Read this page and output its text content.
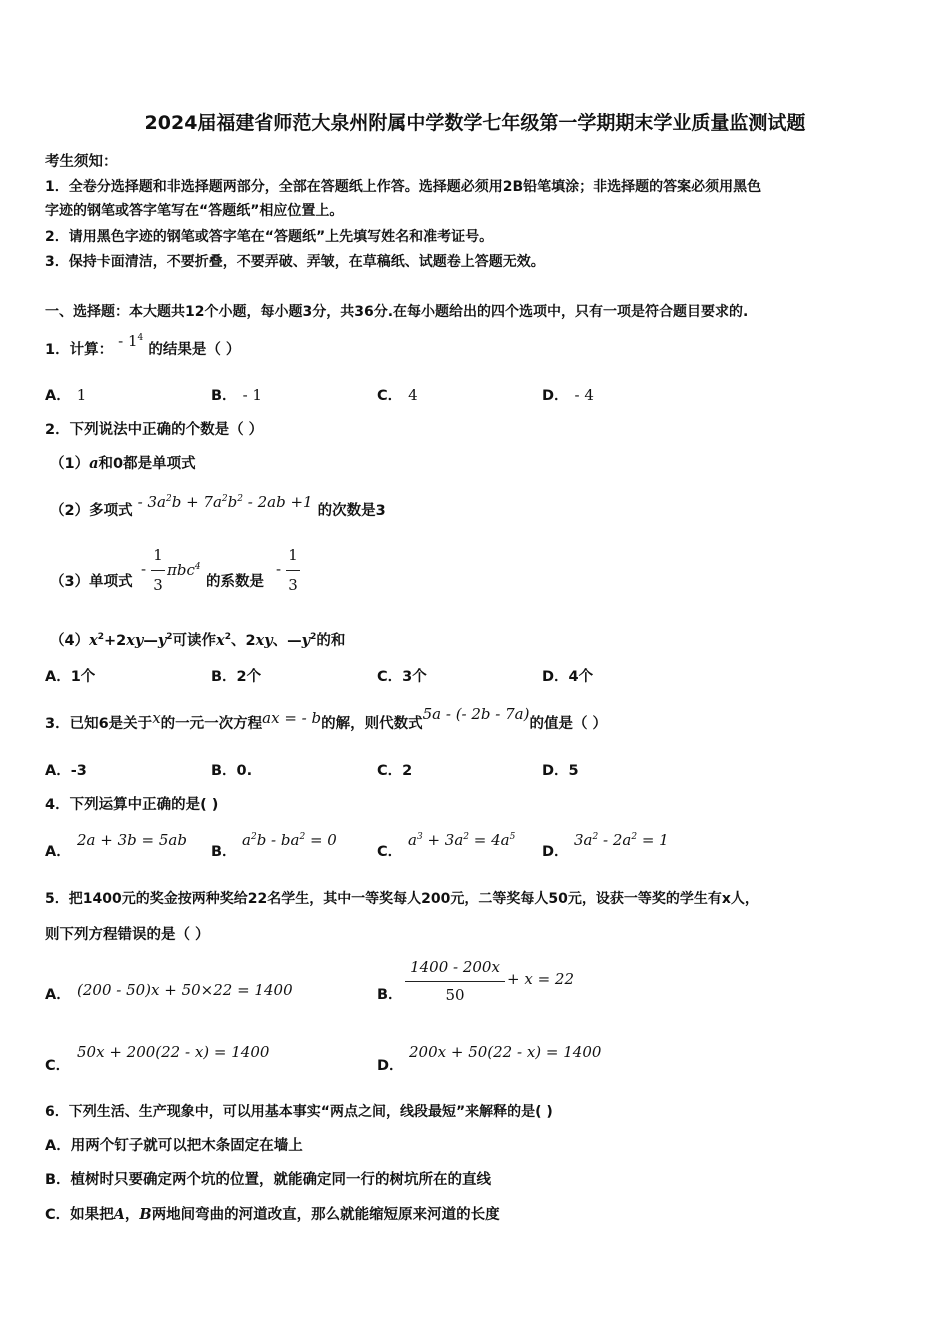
2024届福建省师范大泉州附属中学数学七年级第一学期期末学业质量监测试题
考生须知：
1．全卷分选择题和非选择题两部分，全部在答题纸上作答。选择题必须用2B铅笔填涂；非选择题的答案必须用黑色
字迹的钢笔或答字笔写在“答题纸”相应位置上。
2．请用黑色字迹的钢笔或答字笔在“答题纸”上先填写姓名和准考证号。
3．保持卡面清洁，不要折叠，不要弄破、弄皱，在草稿纸、试题卷上答题无效。
一、选择题：本大题共12个小题，每小题3分，共36分.在每小题给出的四个选项中，只有一项是符合题目要求的.
1．计算： - $1^4$ 的结果是（ ）
A． 1	B． - 1	C． 4	D． - 4
2．下列说法中正确的个数是（ ）
（1）a和0都是单项式
（2）多项式 - $3a^2b + 7a^2b^2 - 2ab +1$ 的次数是3
（3）单项式
-
1
3
πbc$^4$
的系数是
-
1
3
$(4)x^2+2xy—y^2$可读作$x^2$、2xy、$—y^2$的和
A．1个	B．2个	C．3个	D．4个
3．已知6是关于x的一元一次方程ax = - b的解，则代数式5a - (- 2b - 7a)的值是（ ）
A．-3	B．0.	C．2	D．5
4．下列运算中正确的是( )
A．
2a + 3b = 5ab
B．
$a^2b - ba^2 = 0$
C．
$a^3 + 3a^2 = 4a^5$
D．
$3a^2 - 2a^2 = 1$
5．把1400元的奖金按两种奖给22名学生，其中一等奖每人200元，二等奖每人50元，设获一等奖的学生有x人，
则下列方程错误的是（ ）
A． (200 - 50)x + 50×22 = 1400	B．
1400 - 200x
50
+ x = 22
C．
50x + 200(22 - x) = 1400
D．
200x + 50(22 - x) = 1400
6．下列生活、生产现象中，可以用基本事实“两点之间，线段最短”来解释的是( )
A．用两个钉子就可以把木条固定在墙上
B．植树时只要确定两个坑的位置，就能确定同一行的树坑所在的直线
C．如果把A，B两地间弯曲的河道改直，那么就能缩短原来河道的长度
